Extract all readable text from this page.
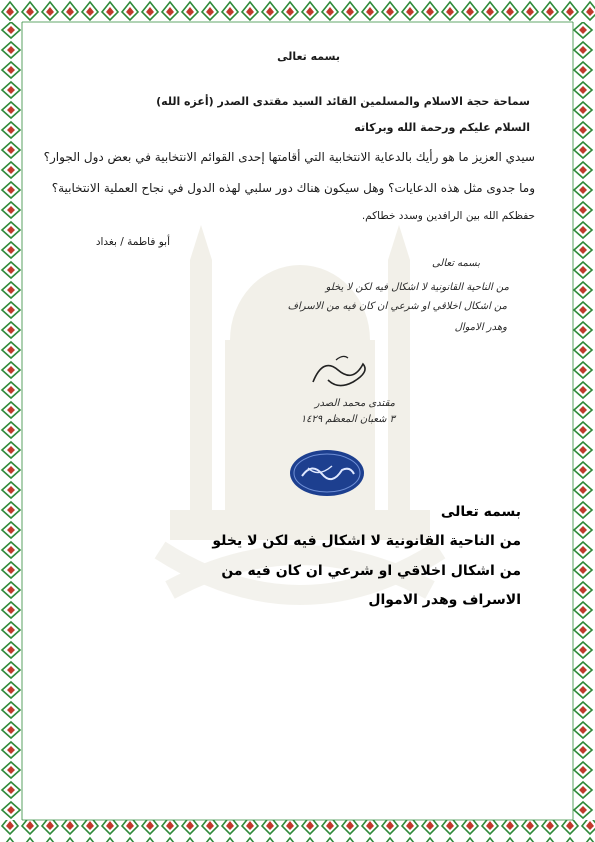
بسمه تعالى
سماحة حجة الاسلام والمسلمين القائد السيد مقتدى الصدر (أعزه الله)
السلام عليكم ورحمة الله وبركاته
سيدي العزيز ما هو رأيك بالدعاية الانتخابية التي أقامتها إحدى القوائم الانتخابية في بعض دول الجوار؟
وما جدوى مثل هذه الدعايات؟ وهل سيكون هناك دور سلبي لهذه الدول في نجاح العملية الانتخابية؟
حفظكم الله بين الرافدين وسدد خطاكم.
أبو فاطمة / بغداد
بسمه تعالى
من الناحية القانونية لا اشكال فيه لكن لا يخلو
من اشكال اخلاقي او شرعي ان كان فيه من الاسراف
وهدر الاموال
مقتدى محمد الصدر
٣ شعبان المعظم ١٤٢٩
بسمه تعالى
من الناحية القانونية لا اشكال فيه لكن لا يخلو
من اشكال اخلاقي او شرعي ان كان فيه من
الاسراف وهدر الاموال
